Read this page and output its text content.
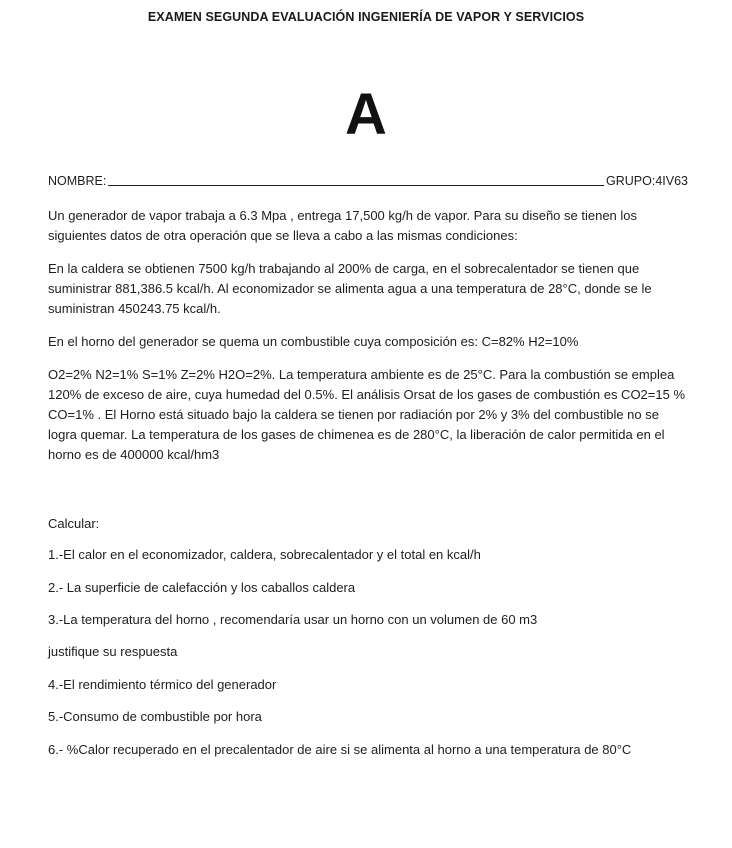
EXAMEN SEGUNDA EVALUACIÓN INGENIERÍA DE VAPOR Y SERVICIOS
A
NOMBRE:	GRUPO:4IV63

Un generador de vapor trabaja a 6.3 Mpa , entrega 17,500 kg/h de vapor. Para su diseño se tienen los siguientes datos de otra operación que se lleva a cabo a las mismas condiciones:

En la caldera se obtienen 7500 kg/h trabajando al 200% de carga, en el sobrecalentador se tienen que suministrar 881,386.5 kcal/h. Al economizador se alimenta agua a una temperatura de 28°C, donde se le suministran 450243.75 kcal/h.

En el horno del generador se quema un combustible cuya composición es: C=82% H2=10%

O2=2% N2=1% S=1% Z=2% H2O=2%. La temperatura ambiente es de 25°C. Para la combustión se emplea 120% de exceso de aire, cuya humedad del 0.5%. El análisis Orsat de los gases de combustión es CO2=15 % CO=1% . El Horno está situado bajo la caldera se tienen por radiación por 2% y 3% del combustible no se logra quemar. La temperatura de los gases de chimenea es de 280°C, la liberación de calor permitida en el horno es de 400000 kcal/hm3

Calcular:
1.-El calor en el economizador, caldera, sobrecalentador y el total en kcal/h
2.- La superficie de calefacción y los caballos caldera
3.-La temperatura del horno , recomendaría usar un horno con un volumen de 60 m3
justifique su respuesta
4.-El rendimiento térmico del generador
5.-Consumo de combustible por hora
6.- %Calor recuperado en el precalentador de aire si se alimenta al horno a una temperatura de 80°C
